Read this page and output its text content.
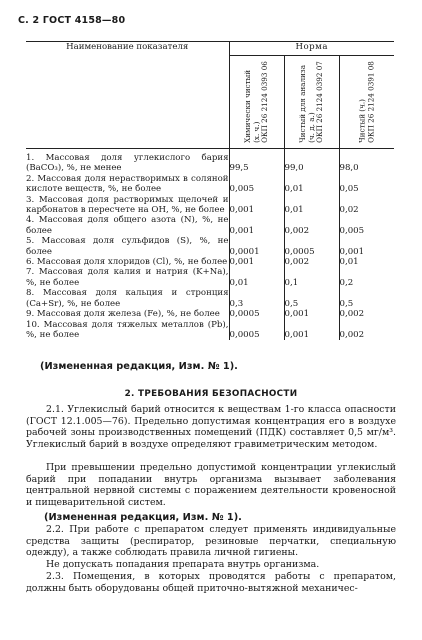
С. 2 ГОСТ 4158—80
Наименование показателя	Норма		

	Химически чистый (х. ч.) ОКП 26 2124 0393 06	Чистый для анализа (ч. д. а.) ОКП 26 2124 0392 07	Чистый (ч.) ОКП 26 2124 0391 08

1. Массовая доля углекислого бария (BaCO₃), %, не менее	99,5	99,0	98,0
2. Массовая доля нерастворимых в соляной кислоте веществ, %, не более	0,005	0,01	0,05
3. Массовая доля растворимых щелочей и карбонатов в пересчете на OH, %, не более	0,001	0,01	0,02
4. Массовая доля общего азота (N), %, не более	0,001	0,002	0,005
5. Массовая доля сульфидов (S), %, не более	0,0001	0,0005	0,001
6. Массовая доля хлоридов (Cl), %, не более	0,001	0,002	0,01
7. Массовая доля калия и натрия (K+Na), %, не более	0,01	0,1	0,2
8. Массовая доля кальция и стронция (Ca+Sr), %, не более	0,3	0,5	0,5
9. Массовая доля железа (Fe), %, не более	0,0005	0,001	0,002
10. Массовая доля тяжелых металлов (Pb), %, не более	0,0005	0,001	0,002
(Измененная редакция, Изм. № 1).
2. ТРЕБОВАНИЯ БЕЗОПАСНОСТИ
2.1. Углекислый барий относится к веществам 1-го класса опасности (ГОСТ 12.1.005—76). Предельно допустимая концентрация его в воздухе рабочей зоны производственных помещений (ПДК) составляет 0,5 мг/м³. Углекислый барий в воздухе определяют гравиметрическим методом.
При превышении предельно допустимой концентрации углекислый барий при попадании внутрь организма вызывает заболевания центральной нервной системы с поражением деятельности кровеносной и пищеварительной систем.
(Измененная редакция, Изм. № 1).
2.2. При работе с препаратом следует применять индивидуальные средства защиты (респиратор, резиновые перчатки, специальную одежду), а также соблюдать правила личной гигиены.
Не допускать попадания препарата внутрь организма.
2.3. Помещения, в которых проводятся работы с препаратом, должны быть оборудованы общей приточно-вытяжной механичес-
